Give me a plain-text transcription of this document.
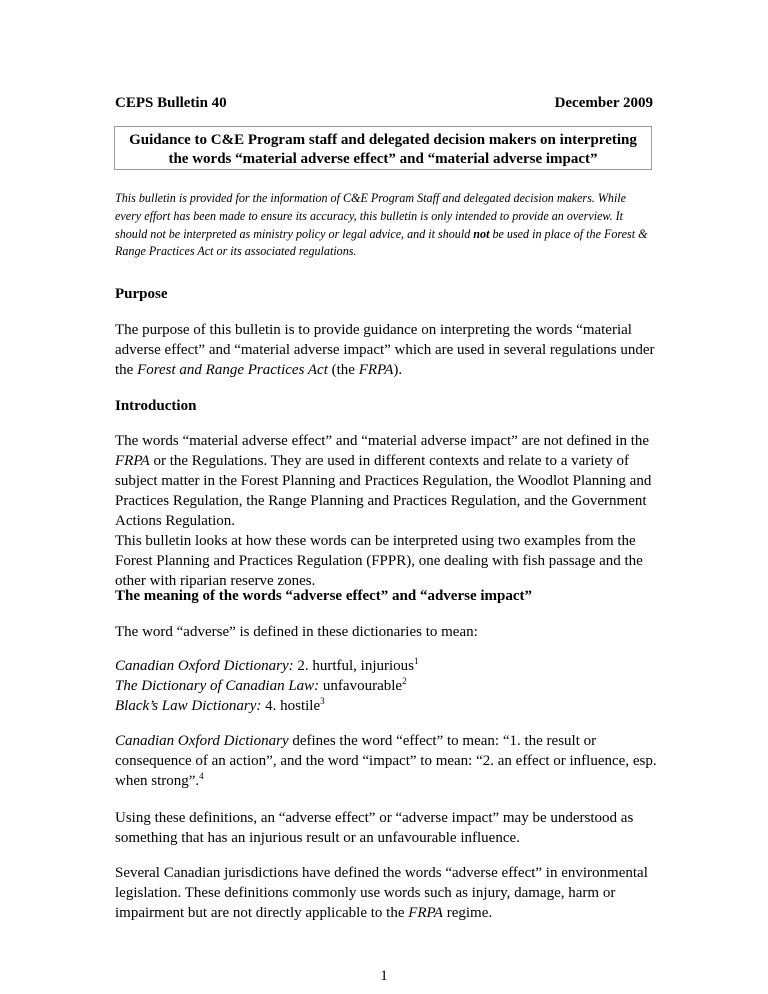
CEPS Bulletin 40	December 2009
Guidance to C&E Program staff and delegated decision makers on interpreting
the words “material adverse effect” and “material adverse impact”
This bulletin is provided for the information of C&E Program Staff and delegated decision makers. While every effort has been made to ensure its accuracy, this bulletin is only intended to provide an overview. It should not be interpreted as ministry policy or legal advice, and it should not be used in place of the Forest & Range Practices Act or its associated regulations.
Purpose
The purpose of this bulletin is to provide guidance on interpreting the words “material adverse effect” and “material adverse impact” which are used in several regulations under the Forest and Range Practices Act (the FRPA).
Introduction
The words “material adverse effect” and “material adverse impact” are not defined in the FRPA or the Regulations. They are used in different contexts and relate to a variety of subject matter in the Forest Planning and Practices Regulation, the Woodlot Planning and Practices Regulation, the Range Planning and Practices Regulation, and the Government Actions Regulation.
This bulletin looks at how these words can be interpreted using two examples from the Forest Planning and Practices Regulation (FPPR), one dealing with fish passage and the other with riparian reserve zones.
The meaning of the words “adverse effect” and “adverse impact”
The word “adverse” is defined in these dictionaries to mean:
Canadian Oxford Dictionary: 2. hurtful, injurious$^1$
The Dictionary of Canadian Law: unfavourable$^2$
Black’s Law Dictionary: 4. hostile$^3$
Canadian Oxford Dictionary defines the word “effect” to mean: “1. the result or consequence of an action”, and the word “impact” to mean: “2. an effect or influence, esp. when strong”.$^4$
Using these definitions, an “adverse effect” or “adverse impact” may be understood as something that has an injurious result or an unfavourable influence.
Several Canadian jurisdictions have defined the words “adverse effect” in environmental legislation. These definitions commonly use words such as injury, damage, harm or impairment but are not directly applicable to the FRPA regime.
1
